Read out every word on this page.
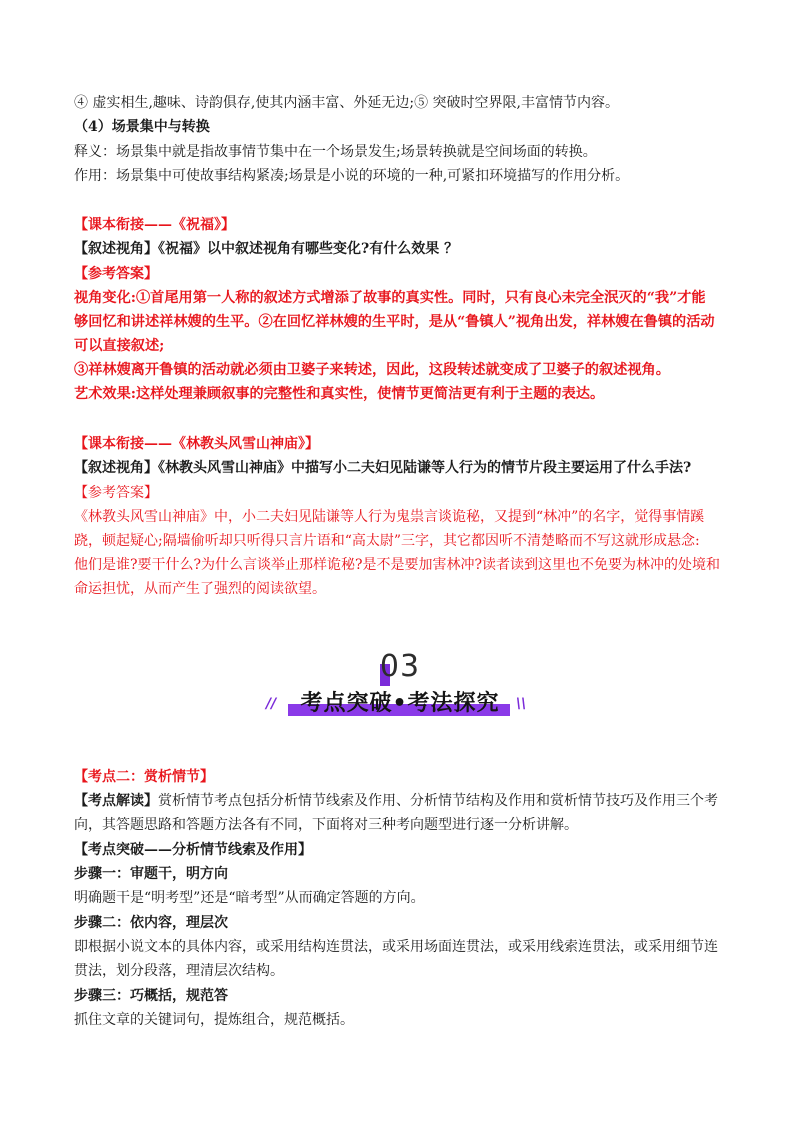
④ 虚实相生,趣味、诗韵俱存,使其内涵丰富、外延无边;⑤ 突破时空界限,丰富情节内容。
（4）场景集中与转换
释义：场景集中就是指故事情节集中在一个场景发生;场景转换就是空间场面的转换。
作用：场景集中可使故事结构紧凑;场景是小说的环境的一种,可紧扣环境描写的作用分析。
【课本衔接——《祝福》】
【叙述视角】《祝福》以中叙述视角有哪些变化?有什么效果 ？
【参考答案】
视角变化:①首尾用第一人称的叙述方式增添了故事的真实性。同时，只有良心未完全泯灭的“我”才能
够回忆和讲述祥林嫂的生平。②在回忆祥林嫂的生平时，是从“鲁镇人”视角出发，祥林嫂在鲁镇的活动
可以直接叙述;
③祥林嫂离开鲁镇的活动就必须由卫婆子来转述，因此，这段转述就变成了卫婆子的叙述视角。
艺术效果:这样处理兼顾叙事的完整性和真实性，使情节更简洁更有利于主题的表达。
【课本衔接——《林教头风雪山神庙》】
【叙述视角】《林教头风雪山神庙》中描写小二夫妇见陆谦等人行为的情节片段主要运用了什么手法?
【参考答案】
《林教头风雪山神庙》中，小二夫妇见陆谦等人行为鬼祟言谈诡秘，又提到“林冲”的名字，觉得事情蹊
跷，顿起疑心;隔墙偷听却只听得只言片语和“高太尉”三字，其它都因听不清楚略而不写这就形成悬念:
他们是谁?要干什么?为什么言谈举止那样诡秘?是不是要加害林冲?读者读到这里也不免要为林冲的处境和
命运担忧，从而产生了强烈的阅读欲望。
03
//	考点突破•考法探究	\\
【考点二：赏析情节】
【考点解读】赏析情节考点包括分析情节线索及作用、分析情节结构及作用和赏析情节技巧及作用三个考
向，其答题思路和答题方法各有不同，下面将对三种考向题型进行逐一分析讲解。
【考点突破——分析情节线索及作用】
步骤一：审题干，明方向
明确题干是“明考型”还是“暗考型”从而确定答题的方向。
步骤二：依内容，理层次
即根据小说文本的具体内容，或采用结构连贯法，或采用场面连贯法，或采用线索连贯法，或采用细节连
贯法，划分段落，理清层次结构。
步骤三：巧概括，规范答
抓住文章的关键词句，提炼组合，规范概括。
